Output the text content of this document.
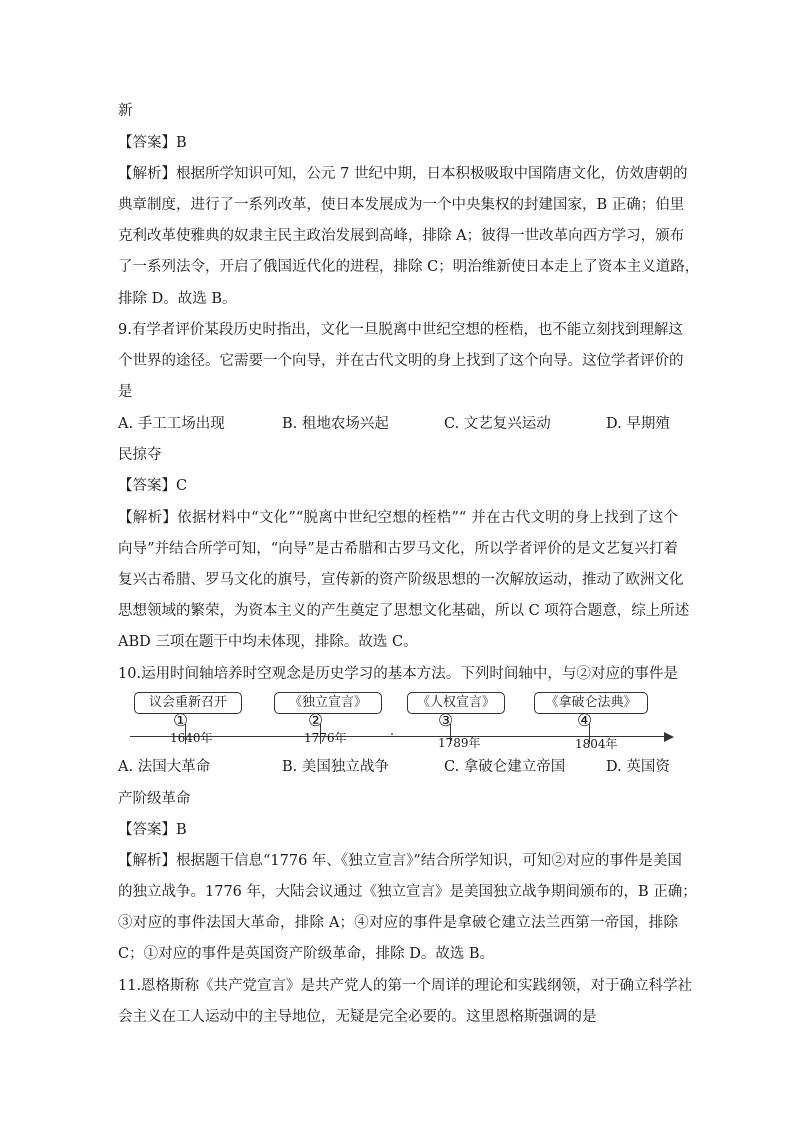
新
【答案】B
【解析】根据所学知识可知，公元 7 世纪中期，日本积极吸取中国隋唐文化，仿效唐朝的
典章制度，进行了一系列改革，使日本发展成为一个中央集权的封建国家，B 正确；伯里
克利改革使雅典的奴隶主民主政治发展到高峰，排除 A；彼得一世改革向西方学习，颁布
了一系列法令，开启了俄国近代化的进程，排除 C；明治维新使日本走上了资本主义道路，
排除 D。故选 B。
9.有学者评价某段历史时指出，文化一旦脱离中世纪空想的桎梏，也不能立刻找到理解这
个世界的途径。它需要一个向导，并在古代文明的身上找到了这个向导。这位学者评价的
是
A. 手工工场出现	B. 租地农场兴起	C. 文艺复兴运动	D. 早期殖
民掠夺
【答案】C
【解析】依据材料中“文化”“脱离中世纪空想的桎梏”“ 并在古代文明的身上找到了这个
向导”并结合所学可知，“向导”是古希腊和古罗马文化，所以学者评价的是文艺复兴打着
复兴古希腊、罗马文化的旗号，宣传新的资产阶级思想的一次解放运动，推动了欧洲文化
思想领域的繁荣，为资本主义的产生奠定了思想文化基础，所以 C 项符合题意，综上所述
ABD 三项在题干中均未体现，排除。故选 C。
10.运用时间轴培养时空观念是历史学习的基本方法。下列时间轴中，与②对应的事件是
议会重新召开
①
1640年
《独立宣言》
②
1776年
《人权宣言》
③
1789年
《拿破仑法典》
④
1804年
A. 法国大革命	B. 美国独立战争	C. 拿破仑建立帝国	D. 英国资
产阶级革命
【答案】B
【解析】根据题干信息“1776 年、《独立宣言》”结合所学知识，可知②对应的事件是美国
的独立战争。1776 年，大陆会议通过《独立宣言》是美国独立战争期间颁布的，B 正确；
③对应的事件法国大革命，排除 A；④对应的事件是拿破仑建立法兰西第一帝国，排除
C；①对应的事件是英国资产阶级革命，排除 D。故选 B。
11.恩格斯称《共产党宣言》是共产党人的第一个周详的理论和实践纲领，对于确立科学社
会主义在工人运动中的主导地位，无疑是完全必要的。这里恩格斯强调的是
